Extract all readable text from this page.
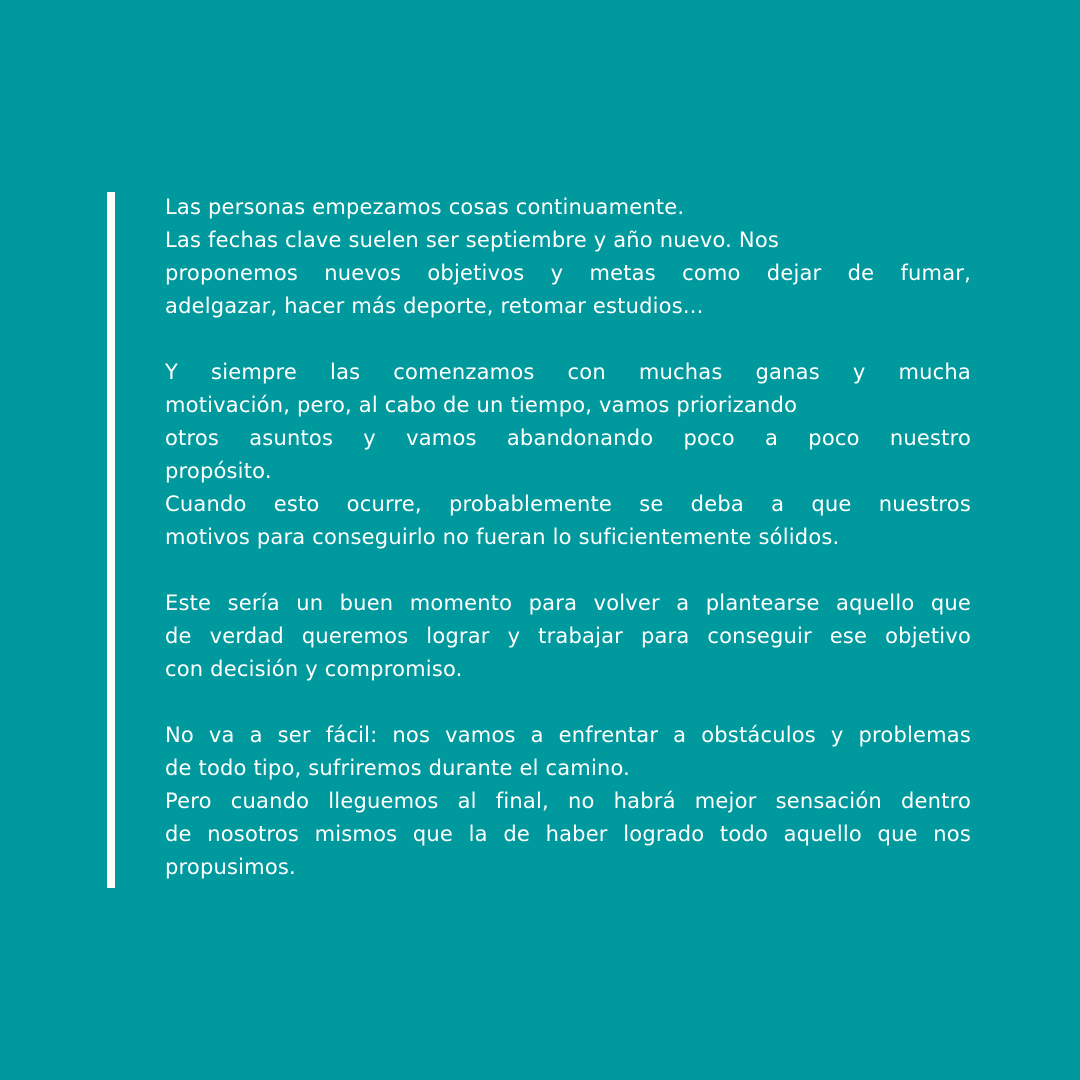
Las personas empezamos cosas continuamente.
Las fechas clave suelen ser septiembre y año nuevo. Nos
proponemos nuevos objetivos y metas como dejar de fumar,
adelgazar, hacer más deporte, retomar estudios...
Y siempre las comenzamos con muchas ganas y mucha
motivación, pero, al cabo de un tiempo, vamos priorizando
otros asuntos y vamos abandonando poco a poco nuestro
propósito.
Cuando esto ocurre, probablemente se deba a que nuestros
motivos para conseguirlo no fueran lo suficientemente sólidos.
Este sería un buen momento para volver a plantearse aquello que
de verdad queremos lograr y trabajar para conseguir ese objetivo
con decisión y compromiso.
No va a ser fácil: nos vamos a enfrentar a obstáculos y problemas
de todo tipo, sufriremos durante el camino.
Pero cuando lleguemos al final, no habrá mejor sensación dentro
de nosotros mismos que la de haber logrado todo aquello que nos
propusimos.
